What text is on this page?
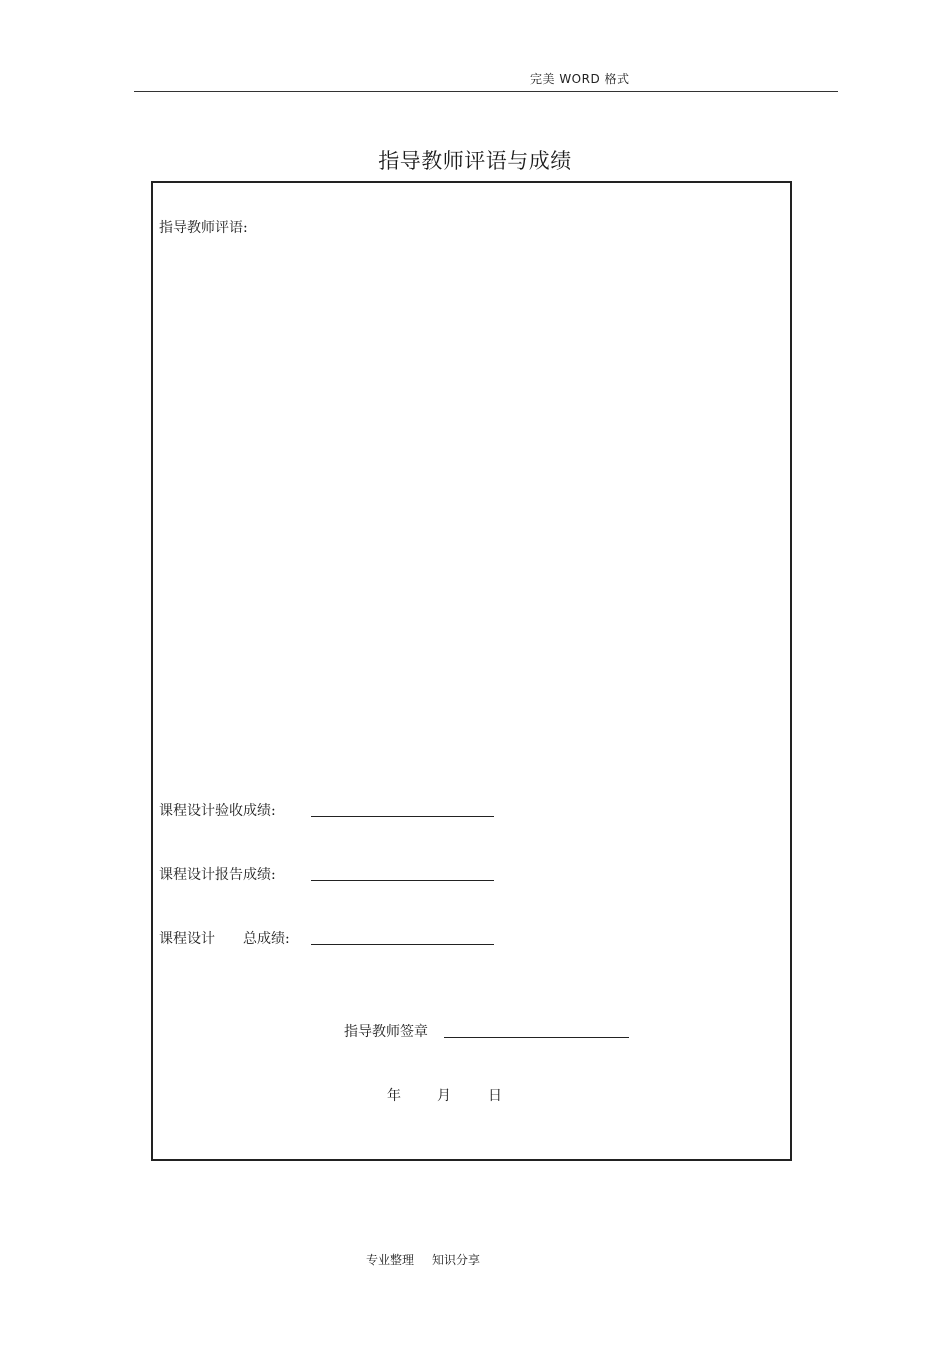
完美 WORD 格式
指导教师评语与成绩
指导教师评语:
课程设计验收成绩:
课程设计报告成绩:
课程设计 总成绩:
指导教师签章
年	月	日
专业整理 知识分享
